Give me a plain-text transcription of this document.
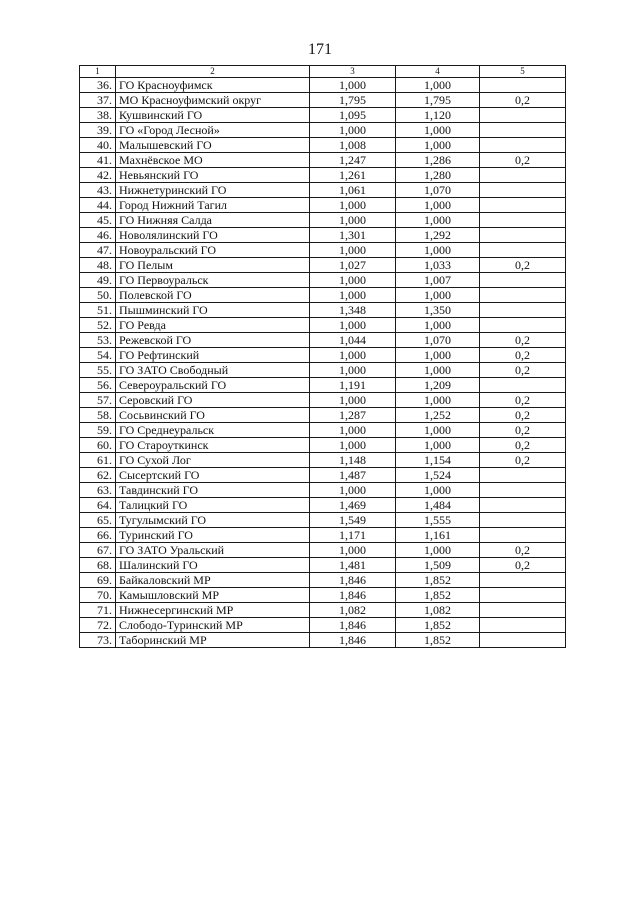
171
1	2	3	4	5
36.	ГО Красноуфимск	1,000	1,000	
37.	МО Красноуфимский округ	1,795	1,795	0,2
38.	Кушвинский ГО	1,095	1,120	
39.	ГО «Город Лесной»	1,000	1,000	
40.	Малышевский ГО	1,008	1,000	
41.	Махнёвское МО	1,247	1,286	0,2
42.	Невьянский ГО	1,261	1,280	
43.	Нижнетуринский ГО	1,061	1,070	
44.	Город Нижний Тагил	1,000	1,000	
45.	ГО Нижняя Салда	1,000	1,000	
46.	Новолялинский ГО	1,301	1,292	
47.	Новоуральский ГО	1,000	1,000	
48.	ГО Пелым	1,027	1,033	0,2
49.	ГО Первоуральск	1,000	1,007	
50.	Полевской ГО	1,000	1,000	
51.	Пышминский ГО	1,348	1,350	
52.	ГО Ревда	1,000	1,000	
53.	Режевской ГО	1,044	1,070	0,2
54.	ГО Рефтинский	1,000	1,000	0,2
55.	ГО ЗАТО Свободный	1,000	1,000	0,2
56.	Североуральский ГО	1,191	1,209	
57.	Серовский ГО	1,000	1,000	0,2
58.	Сосьвинский ГО	1,287	1,252	0,2
59.	ГО Среднеуральск	1,000	1,000	0,2
60.	ГО Староуткинск	1,000	1,000	0,2
61.	ГО Сухой Лог	1,148	1,154	0,2
62.	Сысертский ГО	1,487	1,524	
63.	Тавдинский ГО	1,000	1,000	
64.	Талицкий ГО	1,469	1,484	
65.	Тугулымский ГО	1,549	1,555	
66.	Туринский ГО	1,171	1,161	
67.	ГО ЗАТО Уральский	1,000	1,000	0,2
68.	Шалинский ГО	1,481	1,509	0,2
69.	Байкаловский МР	1,846	1,852	
70.	Камышловский МР	1,846	1,852	
71.	Нижнесергинский МР	1,082	1,082	
72.	Слободо-Туринский МР	1,846	1,852	
73.	Таборинский МР	1,846	1,852	
